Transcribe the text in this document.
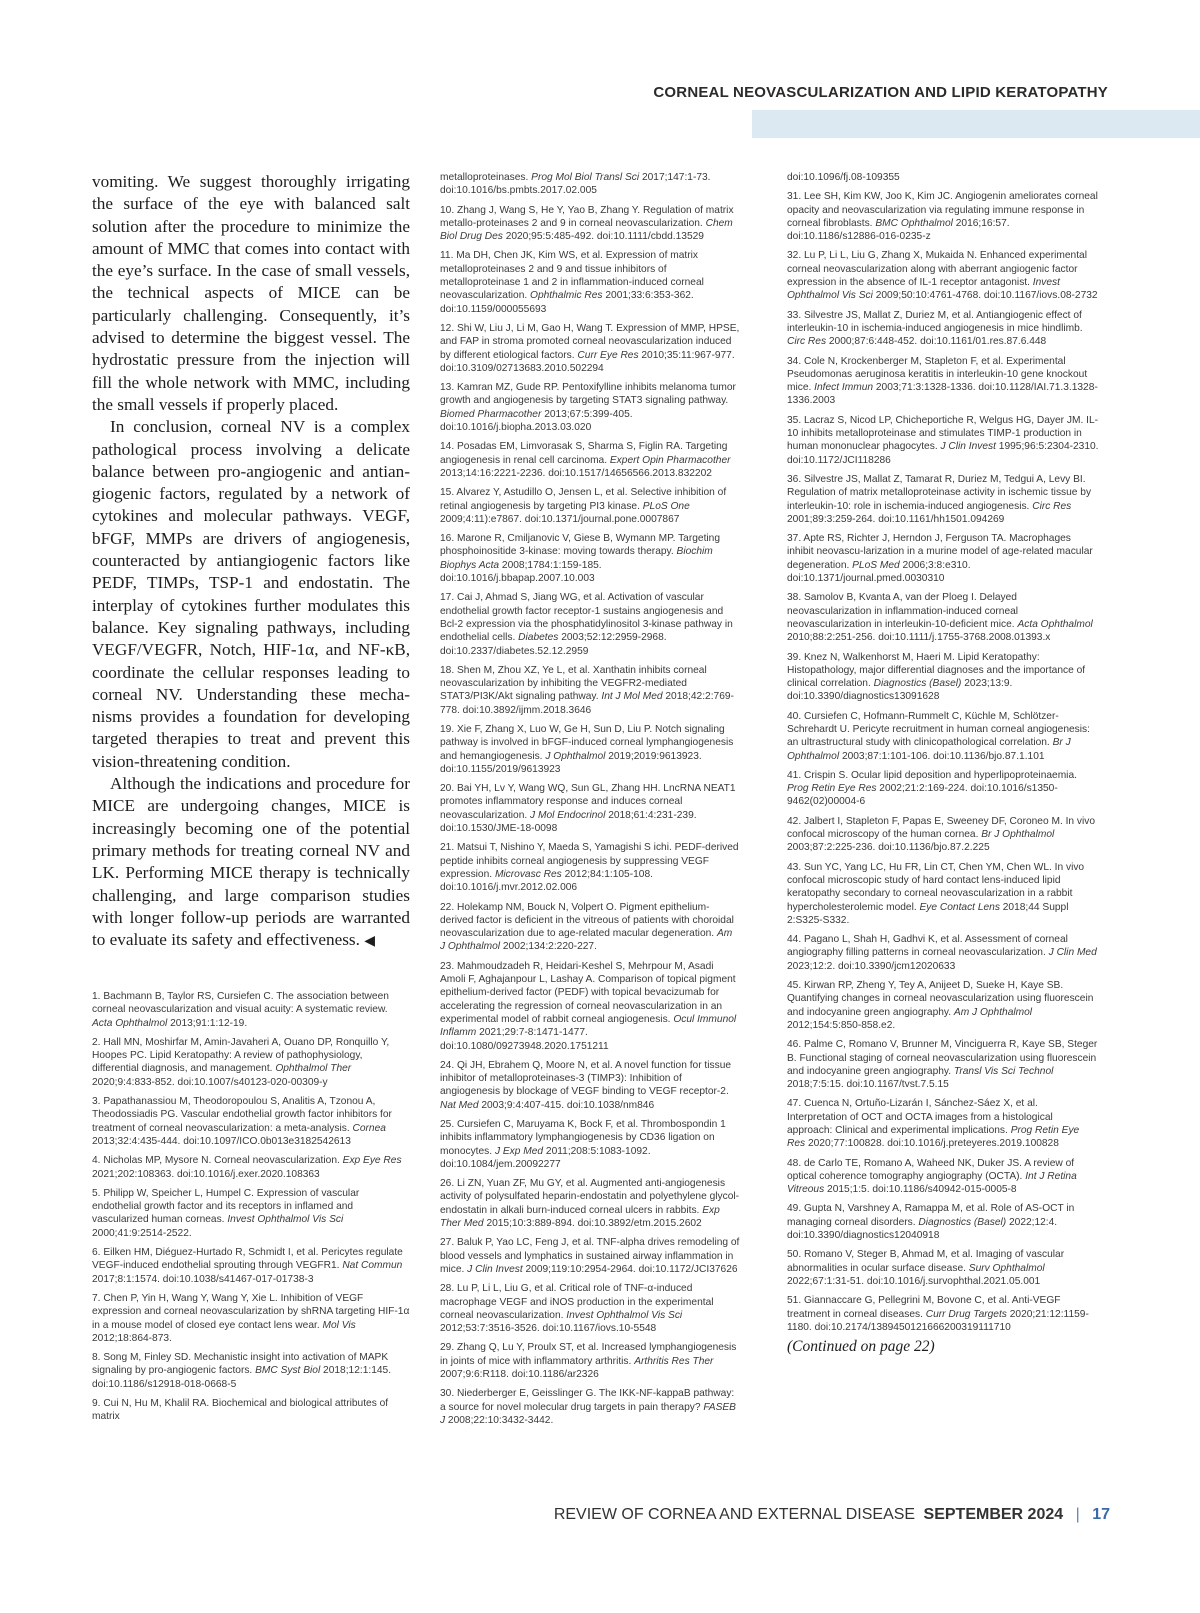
CORNEAL NEOVASCULARIZATION AND LIPID KERATOPATHY

vomiting. We suggest thoroughly irrigating the surface of the eye with balanced salt solution after the procedure to minimize the amount of MMC that comes into contact with the eye’s surface. In the case of small vessels, the technical aspects of MICE can be particularly challenging. Consequently, it’s advised to determine the biggest vessel. The hydrostatic pressure from the injection will fill the whole network with MMC, including the small vessels if properly placed.

In conclusion, corneal NV is a complex pathological process involving a delicate balance between pro-angiogenic and antian-giogenic factors, regulated by a network of cytokines and molecular pathways. VEGF, bFGF, MMPs are drivers of angiogenesis, counteracted by antiangiogenic factors like PEDF, TIMPs, TSP-1 and endostatin. The interplay of cytokines further modulates this balance. Key signaling pathways, including VEGF/VEGFR, Notch, HIF-1α, and NF-κB, coordinate the cellular responses leading to corneal NV. Understanding these mecha-nisms provides a foundation for developing targeted therapies to treat and prevent this vision-threatening condition.

Although the indications and procedure for MICE are undergoing changes, MICE is increasingly becoming one of the potential primary methods for treating corneal NV and LK. Performing MICE therapy is technically challenging, and large comparison studies with longer follow-up periods are warranted to evaluate its safety and effectiveness. ◀

1. Bachmann B, Taylor RS, Cursiefen C. The association between corneal neovascularization and visual acuity: A systematic review. Acta Ophthalmol 2013;91:1:12-19.
2. Hall MN, Moshirfar M, Amin-Javaheri A, Ouano DP, Ronquillo Y, Hoopes PC. Lipid Keratopathy: A review of pathophysiology, differential diagnosis, and management. Ophthalmol Ther 2020;9:4:833-852. doi:10.1007/s40123-020-00309-y
3. Papathanassiou M, Theodoropoulou S, Analitis A, Tzonou A, Theodossiadis PG. Vascular endothelial growth factor inhibitors for treatment of corneal neovascularization: a meta-analysis. Cornea 2013;32:4:435-444. doi:10.1097/ICO.0b013e3182542613
4. Nicholas MP, Mysore N. Corneal neovascularization. Exp Eye Res 2021;202:108363. doi:10.1016/j.exer.2020.108363
5. Philipp W, Speicher L, Humpel C. Expression of vascular endothelial growth factor and its receptors in inflamed and vascularized human corneas. Invest Ophthalmol Vis Sci 2000;41:9:2514-2522.
6. Eilken HM, Diéguez-Hurtado R, Schmidt I, et al. Pericytes regulate VEGF-induced endothelial sprouting through VEGFR1. Nat Commun 2017;8:1:1574. doi:10.1038/s41467-017-01738-3
7. Chen P, Yin H, Wang Y, Wang Y, Xie L. Inhibition of VEGF expression and corneal neovascularization by shRNA targeting HIF-1α in a mouse model of closed eye contact lens wear. Mol Vis 2012;18:864-873.
8. Song M, Finley SD. Mechanistic insight into activation of MAPK signaling by pro-angiogenic factors. BMC Syst Biol 2018;12:1:145. doi:10.1186/s12918-018-0668-5
9. Cui N, Hu M, Khalil RA. Biochemical and biological attributes of matrix
metalloproteinases. Prog Mol Biol Transl Sci 2017;147:1-73. doi:10.1016/bs.pmbts.2017.02.005
10. Zhang J, Wang S, He Y, Yao B, Zhang Y. Regulation of matrix metallo-proteinases 2 and 9 in corneal neovascularization. Chem Biol Drug Des 2020;95:5:485-492. doi:10.1111/cbdd.13529
11. Ma DH, Chen JK, Kim WS, et al. Expression of matrix metalloproteinases 2 and 9 and tissue inhibitors of metalloproteinase 1 and 2 in inflammation-induced corneal neovascularization. Ophthalmic Res 2001;33:6:353-362. doi:10.1159/000055693
12. Shi W, Liu J, Li M, Gao H, Wang T. Expression of MMP, HPSE, and FAP in stroma promoted corneal neovascularization induced by different etiological factors. Curr Eye Res 2010;35:11:967-977. doi:10.3109/02713683.2010.502294
13. Kamran MZ, Gude RP. Pentoxifylline inhibits melanoma tumor growth and angiogenesis by targeting STAT3 signaling pathway. Biomed Pharmacother 2013;67:5:399-405. doi:10.1016/j.biopha.2013.03.020
14. Posadas EM, Limvorasak S, Sharma S, Figlin RA. Targeting angiogenesis in renal cell carcinoma. Expert Opin Pharmacother 2013;14:16:2221-2236. doi:10.1517/14656566.2013.832202
15. Alvarez Y, Astudillo O, Jensen L, et al. Selective inhibition of retinal angiogenesis by targeting PI3 kinase. PLoS One 2009;4:11):e7867. doi:10.1371/journal.pone.0007867
16. Marone R, Cmiljanovic V, Giese B, Wymann MP. Targeting phosphoinositide 3-kinase: moving towards therapy. Biochim Biophys Acta 2008;1784:1:159-185. doi:10.1016/j.bbapap.2007.10.003
17. Cai J, Ahmad S, Jiang WG, et al. Activation of vascular endothelial growth factor receptor-1 sustains angiogenesis and Bcl-2 expression via the phosphatidylinositol 3-kinase pathway in endothelial cells. Diabetes 2003;52:12:2959-2968. doi:10.2337/diabetes.52.12.2959
18. Shen M, Zhou XZ, Ye L, et al. Xanthatin inhibits corneal neovascularization by inhibiting the VEGFR2-mediated STAT3/PI3K/Akt signaling pathway. Int J Mol Med 2018;42:2:769-778. doi:10.3892/ijmm.2018.3646
19. Xie F, Zhang X, Luo W, Ge H, Sun D, Liu P. Notch signaling pathway is involved in bFGF-induced corneal lymphangiogenesis and hemangiogenesis. J Ophthalmol 2019;2019:9613923. doi:10.1155/2019/9613923
20. Bai YH, Lv Y, Wang WQ, Sun GL, Zhang HH. LncRNA NEAT1 promotes inflammatory response and induces corneal neovascularization. J Mol Endocrinol 2018;61:4:231-239. doi:10.1530/JME-18-0098
21. Matsui T, Nishino Y, Maeda S, Yamagishi S ichi. PEDF-derived peptide inhibits corneal angiogenesis by suppressing VEGF expression. Microvasc Res 2012;84:1:105-108. doi:10.1016/j.mvr.2012.02.006
22. Holekamp NM, Bouck N, Volpert O. Pigment epithelium-derived factor is deficient in the vitreous of patients with choroidal neovascularization due to age-related macular degeneration. Am J Ophthalmol 2002;134:2:220-227.
23. Mahmoudzadeh R, Heidari-Keshel S, Mehrpour M, Asadi Amoli F, Aghajanpour L, Lashay A. Comparison of topical pigment epithelium-derived factor (PEDF) with topical bevacizumab for accelerating the regression of corneal neovascularization in an experimental model of rabbit corneal angiogenesis. Ocul Immunol Inflamm 2021;29:7-8:1471-1477. doi:10.1080/09273948.2020.1751211
24. Qi JH, Ebrahem Q, Moore N, et al. A novel function for tissue inhibitor of metalloproteinases-3 (TIMP3): Inhibition of angiogenesis by blockage of VEGF binding to VEGF receptor-2. Nat Med 2003;9:4:407-415. doi:10.1038/nm846
25. Cursiefen C, Maruyama K, Bock F, et al. Thrombospondin 1 inhibits inflammatory lymphangiogenesis by CD36 ligation on monocytes. J Exp Med 2011;208:5:1083-1092. doi:10.1084/jem.20092277
26. Li ZN, Yuan ZF, Mu GY, et al. Augmented anti-angiogenesis activity of polysulfated heparin-endostatin and polyethylene glycol-endostatin in alkali burn-induced corneal ulcers in rabbits. Exp Ther Med 2015;10:3:889-894. doi:10.3892/etm.2015.2602
27. Baluk P, Yao LC, Feng J, et al. TNF-alpha drives remodeling of blood vessels and lymphatics in sustained airway inflammation in mice. J Clin Invest 2009;119:10:2954-2964. doi:10.1172/JCI37626
28. Lu P, Li L, Liu G, et al. Critical role of TNF-α-induced macrophage VEGF and iNOS production in the experimental corneal neovascularization. Invest Ophthalmol Vis Sci 2012;53:7:3516-3526. doi:10.1167/iovs.10-5548
29. Zhang Q, Lu Y, Proulx ST, et al. Increased lymphangiogenesis in joints of mice with inflammatory arthritis. Arthritis Res Ther 2007;9:6:R118. doi:10.1186/ar2326
30. Niederberger E, Geisslinger G. The IKK-NF-kappaB pathway: a source for novel molecular drug targets in pain therapy? FASEB J 2008;22:10:3432-3442.
doi:10.1096/fj.08-109355
31. Lee SH, Kim KW, Joo K, Kim JC. Angiogenin ameliorates corneal opacity and neovascularization via regulating immune response in corneal fibroblasts. BMC Ophthalmol 2016;16:57. doi:10.1186/s12886-016-0235-z
32. Lu P, Li L, Liu G, Zhang X, Mukaida N. Enhanced experimental corneal neovascularization along with aberrant angiogenic factor expression in the absence of IL-1 receptor antagonist. Invest Ophthalmol Vis Sci 2009;50:10:4761-4768. doi:10.1167/iovs.08-2732
33. Silvestre JS, Mallat Z, Duriez M, et al. Antiangiogenic effect of interleukin-10 in ischemia-induced angiogenesis in mice hindlimb. Circ Res 2000;87:6:448-452. doi:10.1161/01.res.87.6.448
34. Cole N, Krockenberger M, Stapleton F, et al. Experimental Pseudomonas aeruginosa keratitis in interleukin-10 gene knockout mice. Infect Immun 2003;71:3:1328-1336. doi:10.1128/IAI.71.3.1328-1336.2003
35. Lacraz S, Nicod LP, Chicheportiche R, Welgus HG, Dayer JM. IL-10 inhibits metalloproteinase and stimulates TIMP-1 production in human mononuclear phagocytes. J Clin Invest 1995;96:5:2304-2310. doi:10.1172/JCI118286
36. Silvestre JS, Mallat Z, Tamarat R, Duriez M, Tedgui A, Levy BI. Regulation of matrix metalloproteinase activity in ischemic tissue by interleukin-10: role in ischemia-induced angiogenesis. Circ Res 2001;89:3:259-264. doi:10.1161/hh1501.094269
37. Apte RS, Richter J, Herndon J, Ferguson TA. Macrophages inhibit neovascu-larization in a murine model of age-related macular degeneration. PLoS Med 2006;3:8:e310. doi:10.1371/journal.pmed.0030310
38. Samolov B, Kvanta A, van der Ploeg I. Delayed neovascularization in inflammation-induced corneal neovascularization in interleukin-10-deficient mice. Acta Ophthalmol 2010;88:2:251-256. doi:10.1111/j.1755-3768.2008.01393.x
39. Knez N, Walkenhorst M, Haeri M. Lipid Keratopathy: Histopathology, major differential diagnoses and the importance of clinical correlation. Diagnostics (Basel) 2023;13:9. doi:10.3390/diagnostics13091628
40. Cursiefen C, Hofmann-Rummelt C, Küchle M, Schlötzer-Schrehardt U. Pericyte recruitment in human corneal angiogenesis: an ultrastructural study with clinicopathological correlation. Br J Ophthalmol 2003;87:1:101-106. doi:10.1136/bjo.87.1.101
41. Crispin S. Ocular lipid deposition and hyperlipoproteinaemia. Prog Retin Eye Res 2002;21:2:169-224. doi:10.1016/s1350-9462(02)00004-6
42. Jalbert I, Stapleton F, Papas E, Sweeney DF, Coroneo M. In vivo confocal microscopy of the human cornea. Br J Ophthalmol 2003;87:2:225-236. doi:10.1136/bjo.87.2.225
43. Sun YC, Yang LC, Hu FR, Lin CT, Chen YM, Chen WL. In vivo confocal microscopic study of hard contact lens-induced lipid keratopathy secondary to corneal neovascularization in a rabbit hypercholesterolemic model. Eye Contact Lens 2018;44 Suppl 2:S325-S332.
44. Pagano L, Shah H, Gadhvi K, et al. Assessment of corneal angiography filling patterns in corneal neovascularization. J Clin Med 2023;12:2. doi:10.3390/jcm12020633
45. Kirwan RP, Zheng Y, Tey A, Anijeet D, Sueke H, Kaye SB. Quantifying changes in corneal neovascularization using fluorescein and indocyanine green angiography. Am J Ophthalmol 2012;154:5:850-858.e2.
46. Palme C, Romano V, Brunner M, Vinciguerra R, Kaye SB, Steger B. Functional staging of corneal neovascularization using fluorescein and indocyanine green angiography. Transl Vis Sci Technol 2018;7:5:15. doi:10.1167/tvst.7.5.15
47. Cuenca N, Ortuño-Lizarán I, Sánchez-Sáez X, et al. Interpretation of OCT and OCTA images from a histological approach: Clinical and experimental implications. Prog Retin Eye Res 2020;77:100828. doi:10.1016/j.preteyeres.2019.100828
48. de Carlo TE, Romano A, Waheed NK, Duker JS. A review of optical coherence tomography angiography (OCTA). Int J Retina Vitreous 2015;1:5. doi:10.1186/s40942-015-0005-8
49. Gupta N, Varshney A, Ramappa M, et al. Role of AS-OCT in managing corneal disorders. Diagnostics (Basel) 2022;12:4. doi:10.3390/diagnostics12040918
50. Romano V, Steger B, Ahmad M, et al. Imaging of vascular abnormalities in ocular surface disease. Surv Ophthalmol 2022;67:1:31-51. doi:10.1016/j.survophthal.2021.05.001
51. Giannaccare G, Pellegrini M, Bovone C, et al. Anti-VEGF treatment in corneal diseases. Curr Drug Targets 2020;21:12:1159-1180. doi:10.2174/1389450121666200319111710
(Continued on page 22)
REVIEW OF CORNEA AND EXTERNAL DISEASE SEPTEMBER 2024 | 17
